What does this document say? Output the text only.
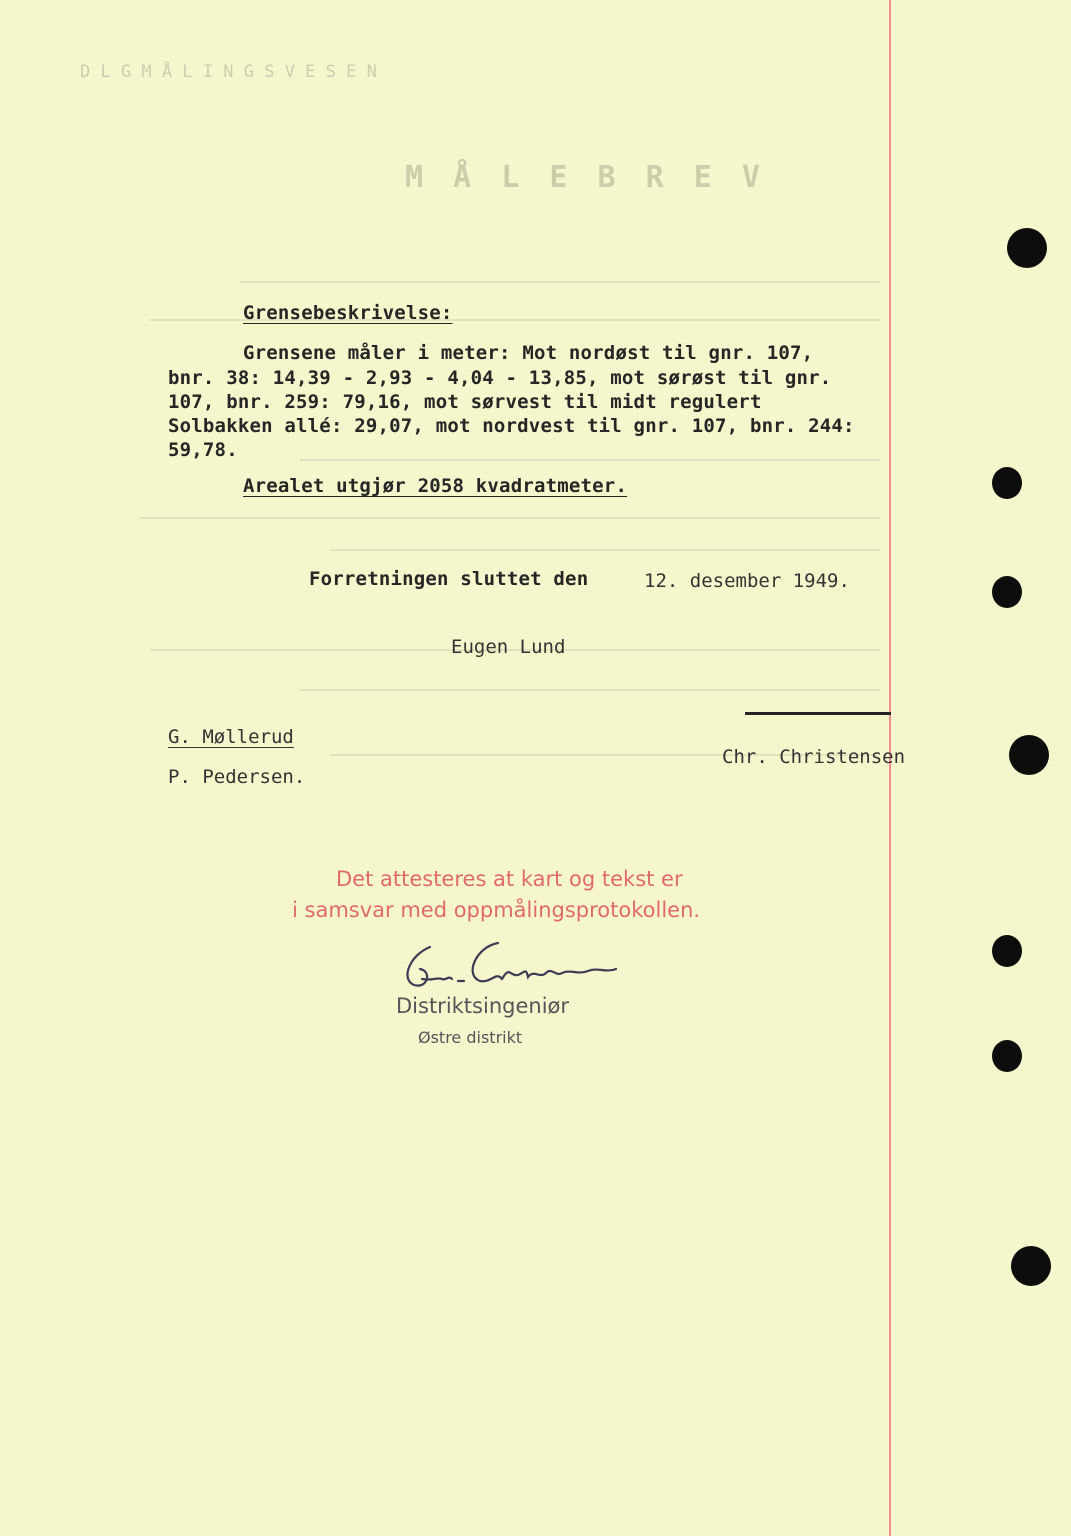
D L G M Å L I N G S V E S E N
M Å L E B R E V
Grensebeskrivelse:
Grensene måler i meter: Mot nordøst til gnr. 107,
bnr. 38: 14,39 - 2,93 - 4,04 - 13,85, mot sørøst til gnr.
107, bnr. 259: 79,16, mot sørvest til midt regulert
Solbakken allé: 29,07, mot nordvest til gnr. 107, bnr. 244:
59,78.
Arealet utgjør 2058 kvadratmeter.
Forretningen sluttet den	12. desember 1949.
Eugen Lund
G. Møllerud
Chr. Christensen
P. Pedersen.
Det attesteres at kart og tekst er
i samsvar med oppmålingsprotokollen.
Distriktsingeniør
Østre distrikt
